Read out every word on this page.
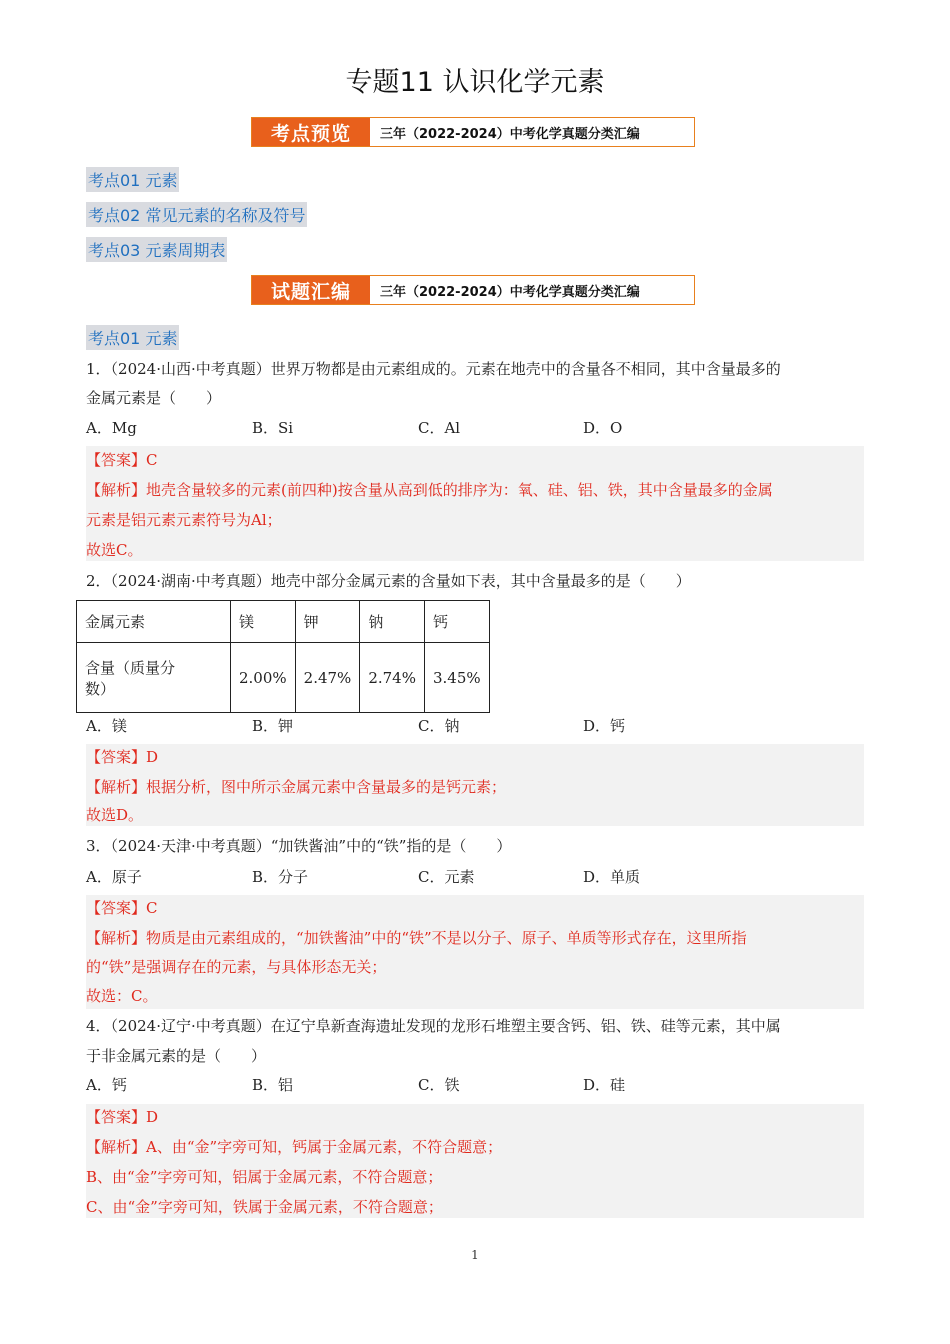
专题11 认识化学元素
考点预览	三年（2022-2024）中考化学真题分类汇编
考点01 元素
考点02 常见元素的名称及符号
考点03 元素周期表
试题汇编	三年（2022-2024）中考化学真题分类汇编
考点01 元素
1．（2024·山西·中考真题）世界万物都是由元素组成的。元素在地壳中的含量各不相同，其中含量最多的
金属元素是（　　）
A．Mg	B．Si	C．Al	D．O
【答案】C
【解析】地壳含量较多的元素(前四种)按含量从高到低的排序为：氧、硅、铝、铁，其中含量最多的金属
元素是铝元素元素符号为Al；
故选C。
2．（2024·湖南·中考真题）地壳中部分金属元素的含量如下表，其中含量最多的是（　　）
金属元素	镁	钾	钠	钙

含量（质量分
数）	2.00%	2.47%	2.74%	3.45%
A．镁	B．钾	C．钠	D．钙
【答案】D
【解析】根据分析，图中所示金属元素中含量最多的是钙元素；
故选D。
3．（2024·天津·中考真题）“加铁酱油”中的“铁”指的是（　　）
A．原子	B．分子	C．元素	D．单质
【答案】C
【解析】物质是由元素组成的，“加铁酱油”中的“铁”不是以分子、原子、单质等形式存在，这里所指
的“铁”是强调存在的元素，与具体形态无关；
故选：C。
4．（2024·辽宁·中考真题）在辽宁阜新查海遗址发现的龙形石堆塑主要含钙、铝、铁、硅等元素，其中属
于非金属元素的是（　　）
A．钙	B．铝	C．铁	D．硅
【答案】D
【解析】A、由“金”字旁可知，钙属于金属元素，不符合题意；
B、由“金”字旁可知，铝属于金属元素，不符合题意；
C、由“金”字旁可知，铁属于金属元素，不符合题意；
1
